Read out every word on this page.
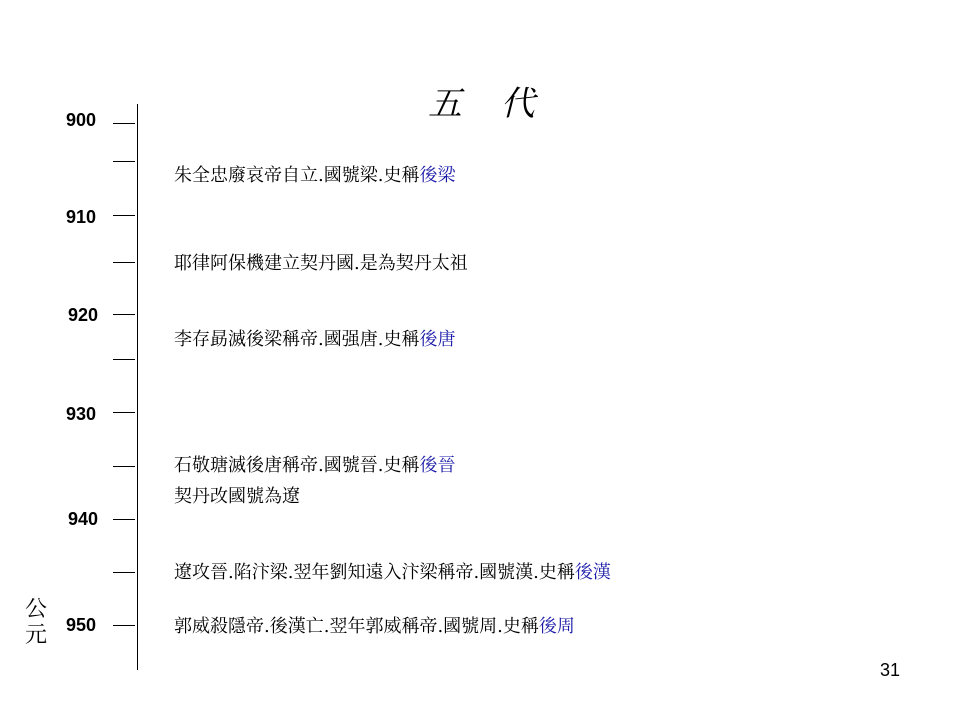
五 代
900
910
920
930
940
950
公元
朱全忠廢哀帝自立.國號梁.史稱後梁
耶律阿保機建立契丹國.是為契丹太祖
李存勗滅後梁稱帝.國强唐.史稱後唐
石敬瑭滅後唐稱帝.國號晉.史稱後晉
契丹改國號為遼
遼攻晉.陷汴梁.翌年劉知遠入汴梁稱帝.國號漢.史稱後漢
郭威殺隱帝.後漢亡.翌年郭威稱帝.國號周.史稱後周
31
